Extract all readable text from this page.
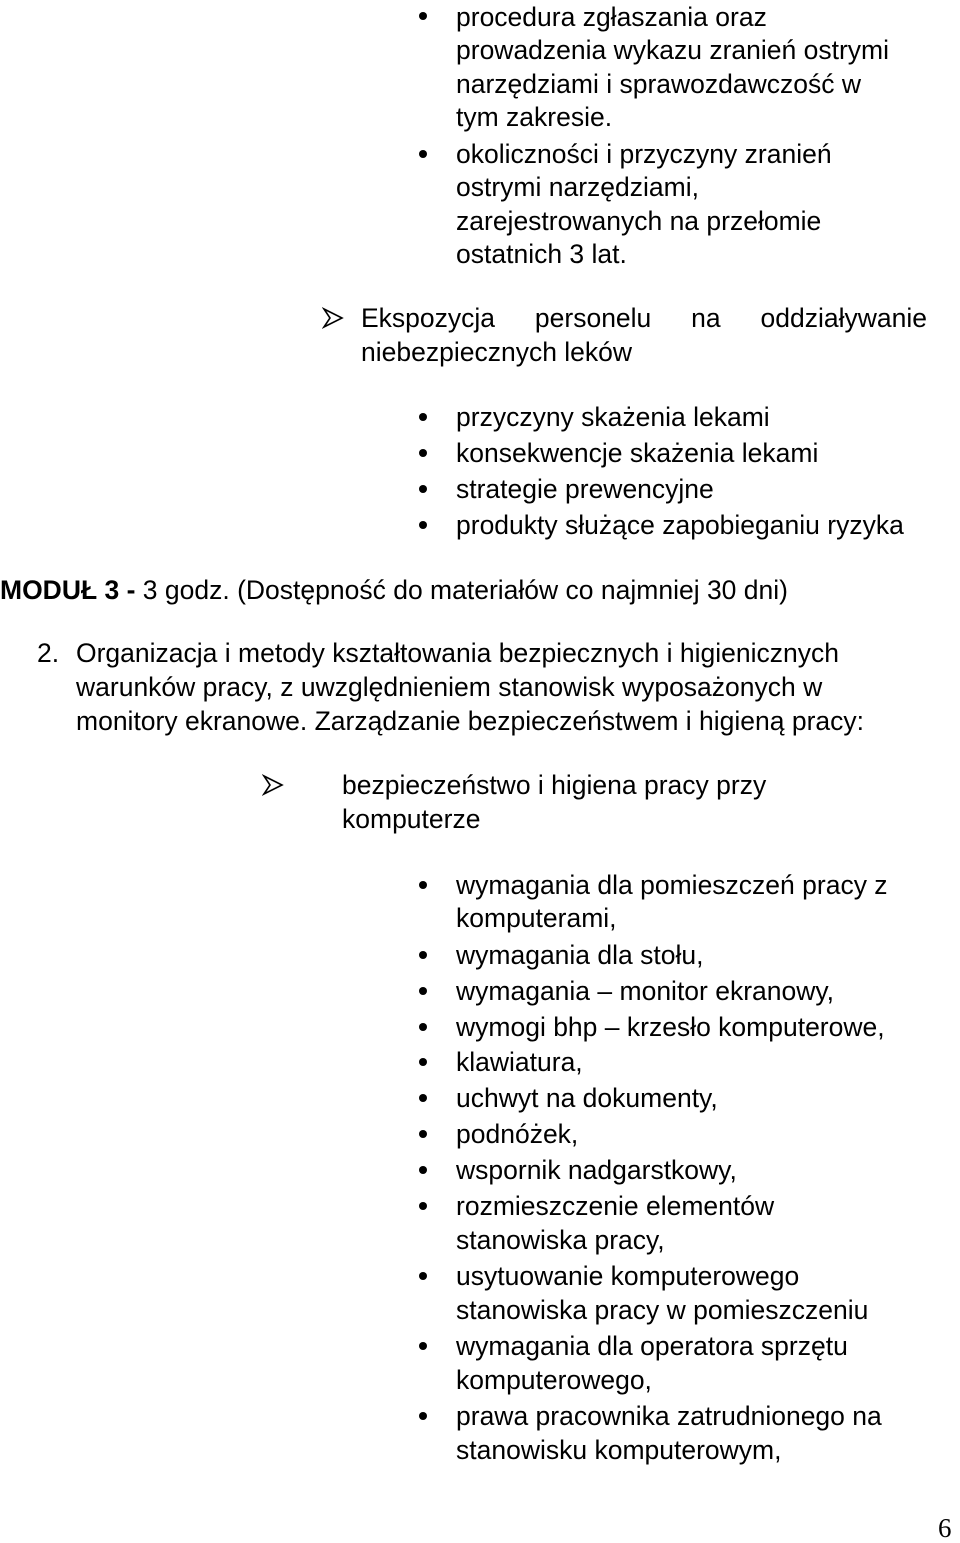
procedura zgłaszania oraz
prowadzenia wykazu zranień ostrymi
narzędziami i sprawozdawczość w
tym zakresie.
okoliczności i przyczyny zranień
ostrymi narzędziami,
zarejestrowanych na przełomie
ostatnich 3 lat.
Ekspozycja personelu na oddziaływanie
niebezpiecznych leków
przyczyny skażenia lekami
konsekwencje skażenia lekami
strategie prewencyjne
produkty służące zapobieganiu ryzyka
MODUŁ 3 - 3 godz. (Dostępność do materiałów co najmniej 30 dni)
2. Organizacja i metody kształtowania bezpiecznych i higienicznych
warunków pracy, z uwzględnieniem stanowisk wyposażonych w
monitory ekranowe. Zarządzanie bezpieczeństwem i higieną pracy:
bezpieczeństwo i higiena pracy przy
komputerze
wymagania dla pomieszczeń pracy z
komputerami,
wymagania dla stołu,
wymagania – monitor ekranowy,
wymogi bhp – krzesło komputerowe,
klawiatura,
uchwyt na dokumenty,
podnóżek,
wspornik nadgarstkowy,
rozmieszczenie elementów
stanowiska pracy,
usytuowanie komputerowego
stanowiska pracy w pomieszczeniu
wymagania dla operatora sprzętu
komputerowego,
prawa pracownika zatrudnionego na
stanowisku komputerowym,
6
